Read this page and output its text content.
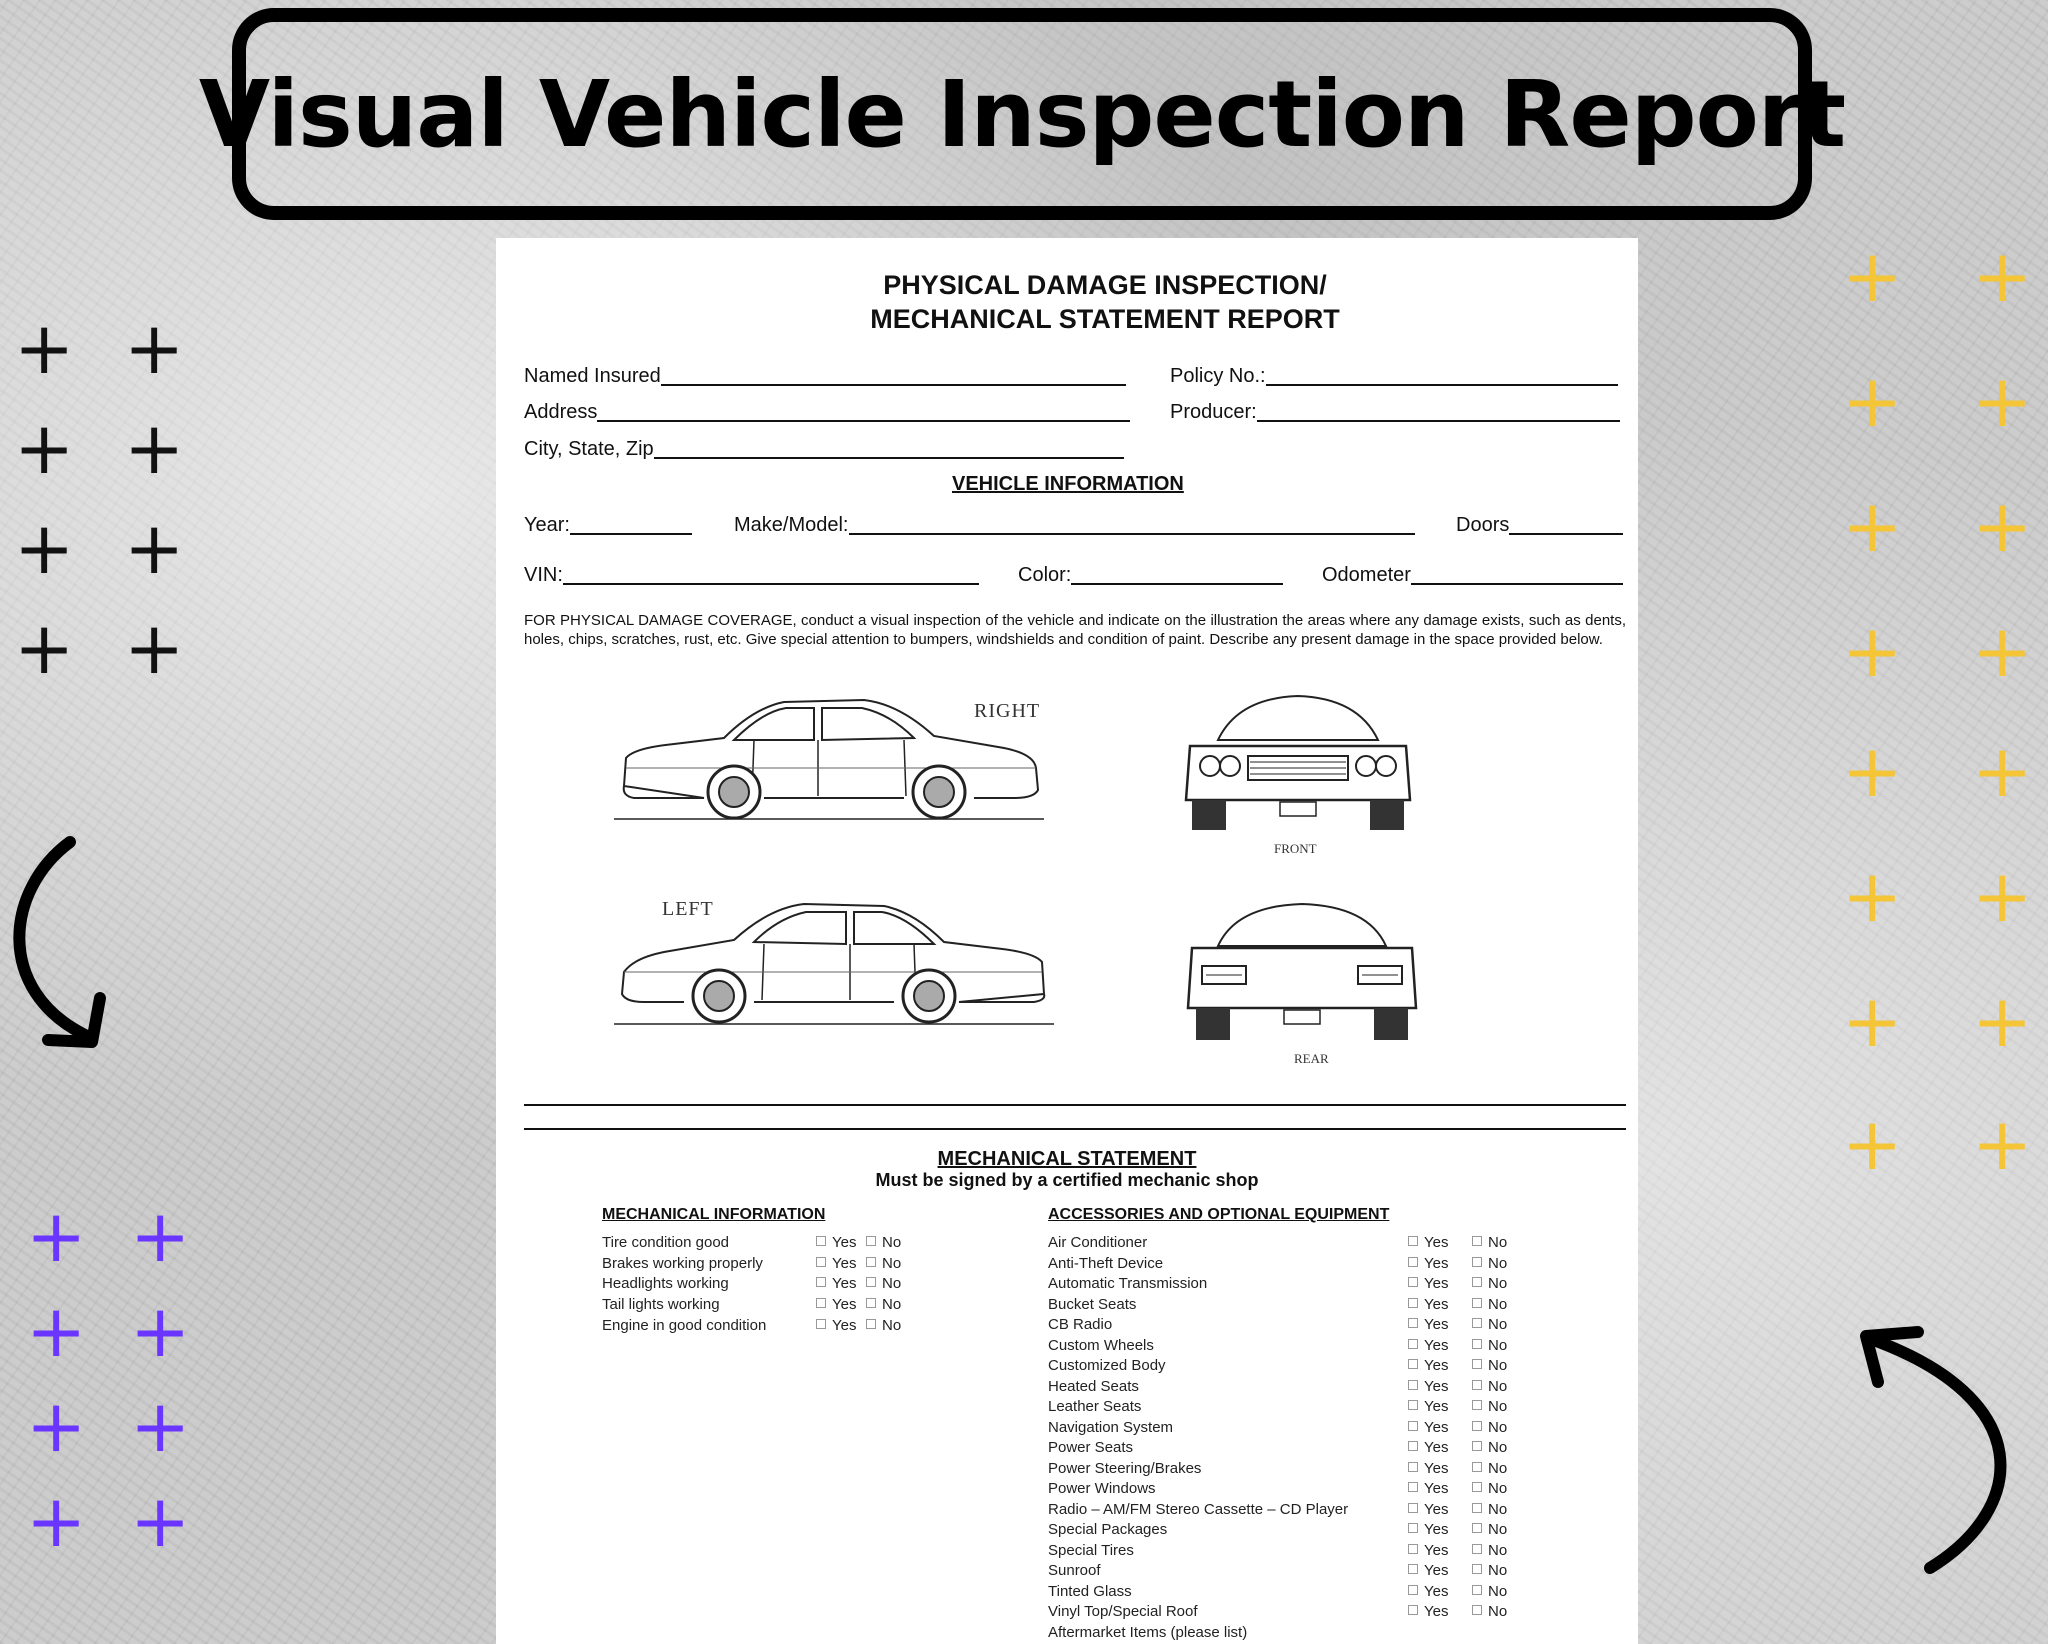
Visual Vehicle Inspection Report
+ +
+ +
+ +
+ +
+ +
+ +
+ +
+ +
+ +
+ +
+ +
+ +
+ +
+ +
+ +
+ +
PHYSICAL DAMAGE INSPECTION/
MECHANICAL STATEMENT REPORT
Named Insured	Policy No.:
Address	Producer:
City, State, Zip
VEHICLE INFORMATION
Year:	Make/Model:	Doors
VIN:	Color:	Odometer
FOR PHYSICAL DAMAGE COVERAGE, conduct a visual inspection of the vehicle and indicate on the illustration the areas where any damage exists, such as dents, holes, chips, scratches, rust, etc. Give special attention to bumpers, windshields and condition of paint. Describe any present damage in the space provided below.
RIGHT
FRONT
LEFT
REAR
MECHANICAL STATEMENT
Must be signed by a certified mechanic shop
MECHANICAL INFORMATION	ACCESSORIES AND OPTIONAL EQUIPMENT
Tire condition good	Yes	No
Brakes working properly	Yes	No
Headlights working	Yes	No
Tail lights working	Yes	No
Engine in good condition	Yes	No
Air Conditioner	Yes	No
Anti-Theft Device	Yes	No
Automatic Transmission	Yes	No
Bucket Seats	Yes	No
CB Radio	Yes	No
Custom Wheels	Yes	No
Customized Body	Yes	No
Heated Seats	Yes	No
Leather Seats	Yes	No
Navigation System	Yes	No
Power Seats	Yes	No
Power Steering/Brakes	Yes	No
Power Windows	Yes	No
Radio – AM/FM Stereo Cassette – CD Player	Yes	No
Special Packages	Yes	No
Special Tires	Yes	No
Sunroof	Yes	No
Tinted Glass	Yes	No
Vinyl Top/Special Roof	Yes	No
Aftermarket Items (please list)
